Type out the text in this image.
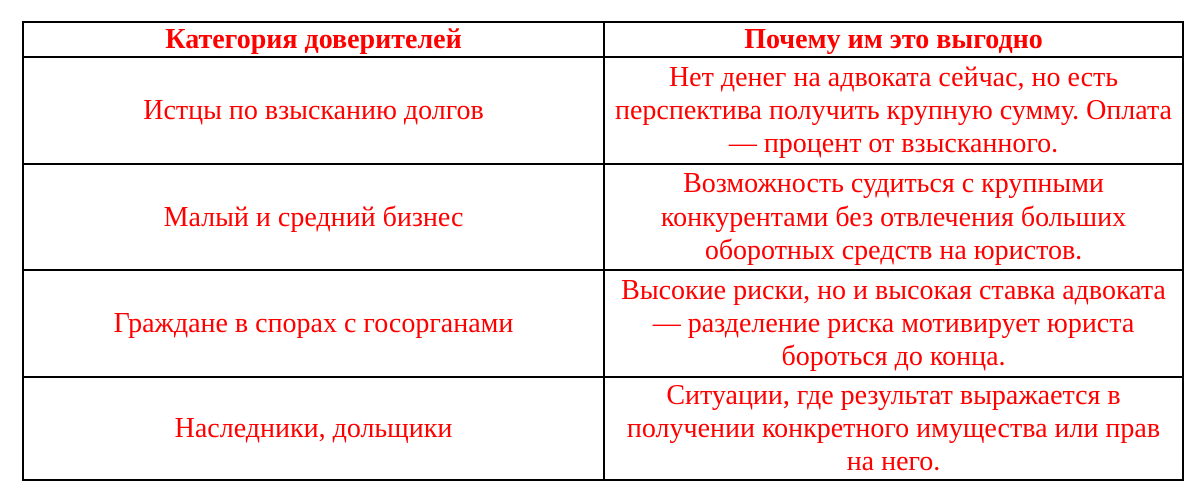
Категория доверителей	Почему им это выгодно
Истцы по взысканию долгов	Нет денег на адвоката сейчас, но есть перспектива получить крупную сумму. Оплата — процент от взысканного.
Малый и средний бизнес	Возможность судиться с крупными конкурентами без отвлечения больших оборотных средств на юристов.
Граждане в спорах с госорганами	Высокие риски, но и высокая ставка адвоката — разделение риска мотивирует юриста бороться до конца.
Наследники, дольщики	Ситуации, где результат выражается в получении конкретного имущества или прав на него.
